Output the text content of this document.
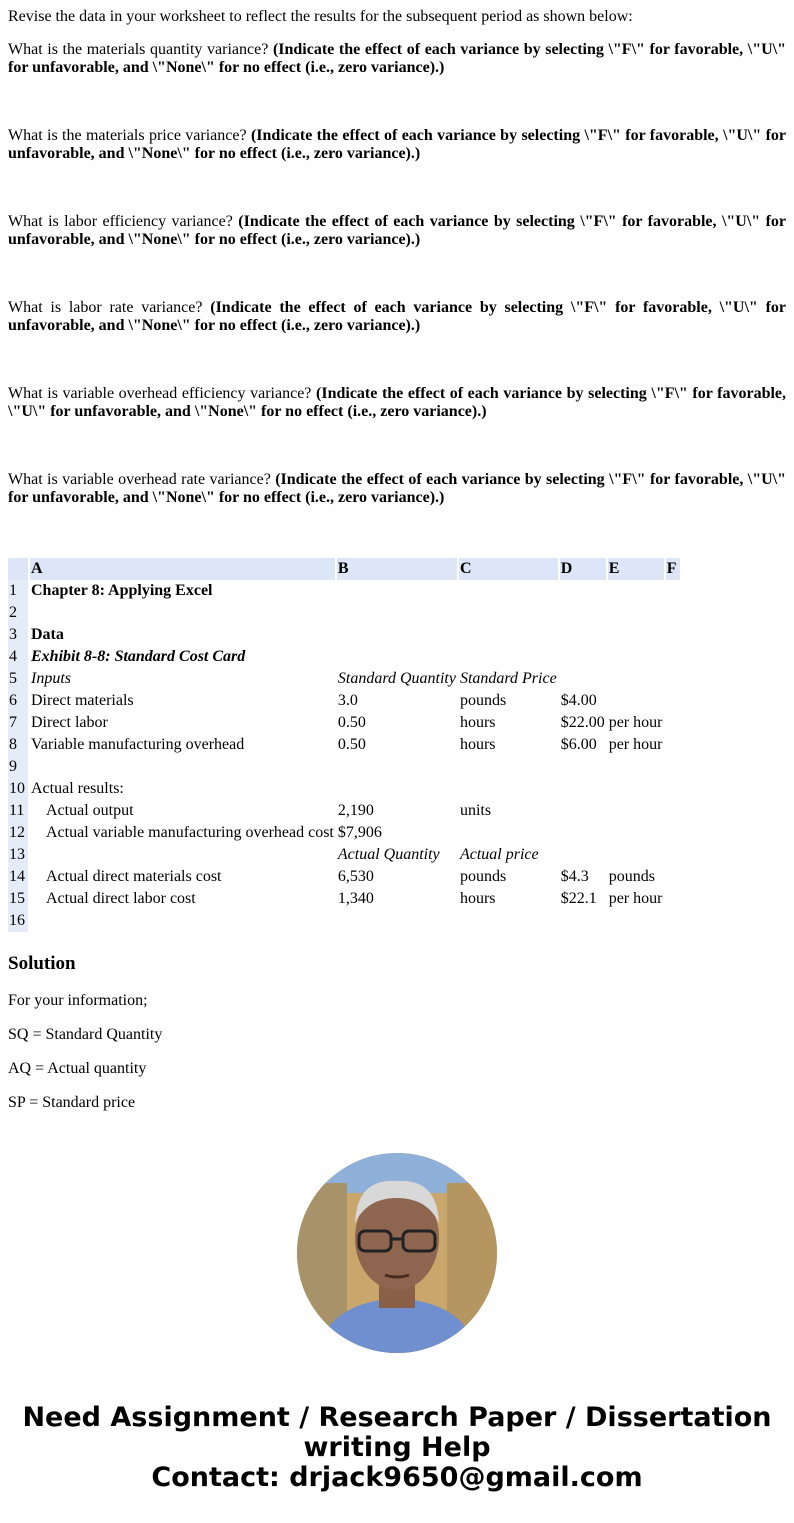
Revise the data in your worksheet to reflect the results for the subsequent period as shown below:
What is the materials quantity variance? (Indicate the effect of each variance by selecting \"F\" for favorable, \"U\" for unfavorable, and \"None\" for no effect (i.e., zero variance).)
What is the materials price variance? (Indicate the effect of each variance by selecting \"F\" for favorable, \"U\" for unfavorable, and \"None\" for no effect (i.e., zero variance).)
What is labor efficiency variance? (Indicate the effect of each variance by selecting \"F\" for favorable, \"U\" for unfavorable, and \"None\" for no effect (i.e., zero variance).)
What is labor rate variance? (Indicate the effect of each variance by selecting \"F\" for favorable, \"U\" for unfavorable, and \"None\" for no effect (i.e., zero variance).)
What is variable overhead efficiency variance? (Indicate the effect of each variance by selecting \"F\" for favorable, \"U\" for unfavorable, and \"None\" for no effect (i.e., zero variance).)
What is variable overhead rate variance? (Indicate the effect of each variance by selecting \"F\" for favorable, \"U\" for unfavorable, and \"None\" for no effect (i.e., zero variance).)
	A	B	C	D	E	F
1	Chapter 8: Applying Excel					
2						
3	Data					
4	Exhibit 8-8: Standard Cost Card					
5	Inputs	Standard Quantity	Standard Price			
6	Direct materials	3.0	pounds	$4.00		
7	Direct labor	0.50	hours	$22.00	per hour	
8	Variable manufacturing overhead	0.50	hours	$6.00	per hour	
9						
10	Actual results:					
11	Actual output	2,190	units			
12	Actual variable manufacturing overhead cost	$7,906				
13		Actual Quantity	Actual price			
14	Actual direct materials cost	6,530	pounds	$4.3	pounds	
15	Actual direct labor cost	1,340	hours	$22.1	per hour	
16						
Solution
For your information;
SQ = Standard Quantity
AQ = Actual quantity
SP = Standard price
Need Assignment / Research Paper / Dissertation writing Help
Contact: drjack9650@gmail.com
